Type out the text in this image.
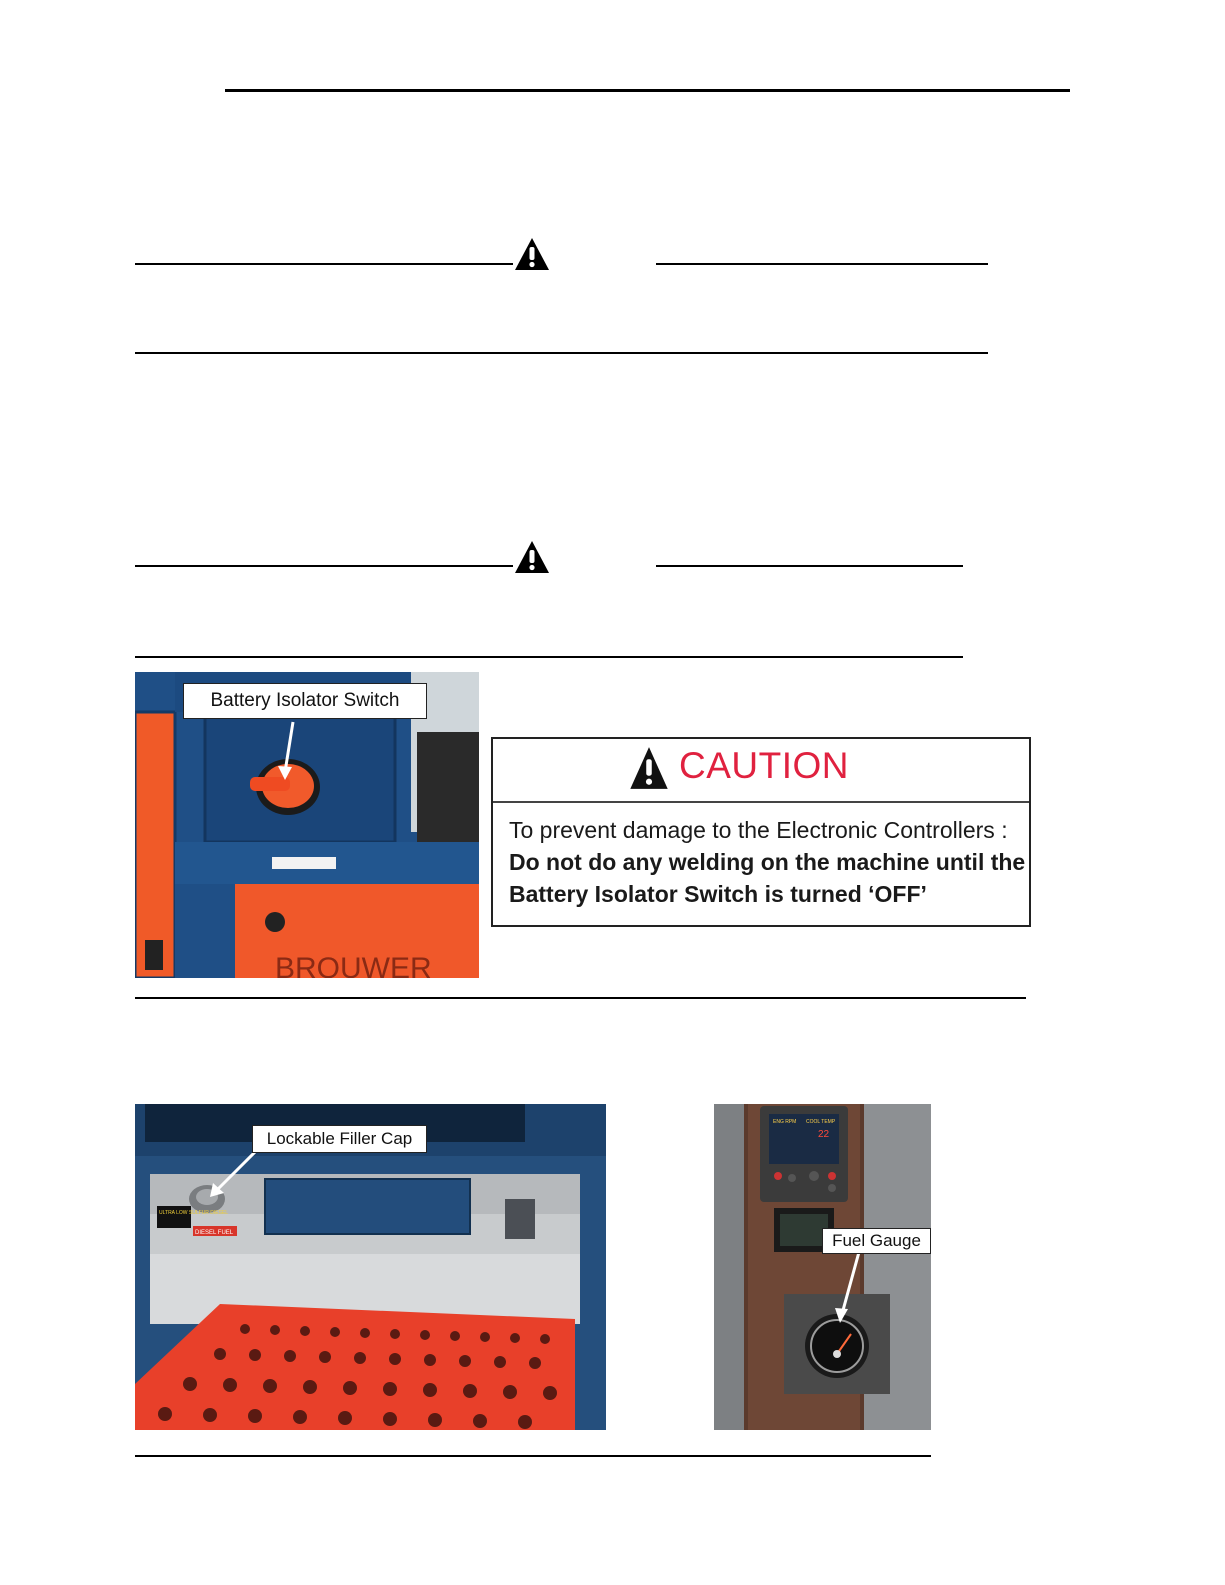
BROUWER
Battery Isolator Switch
CAUTION
To prevent damage to the Electronic Controllers :
Do not do any welding on the machine until the
Battery Isolator Switch is turned ‘OFF’
ULTRA LOW SULFUR DIESEL
DIESEL FUEL
Lockable Filler Cap
ENG RPM COOL TEMP
22
Fuel Gauge
